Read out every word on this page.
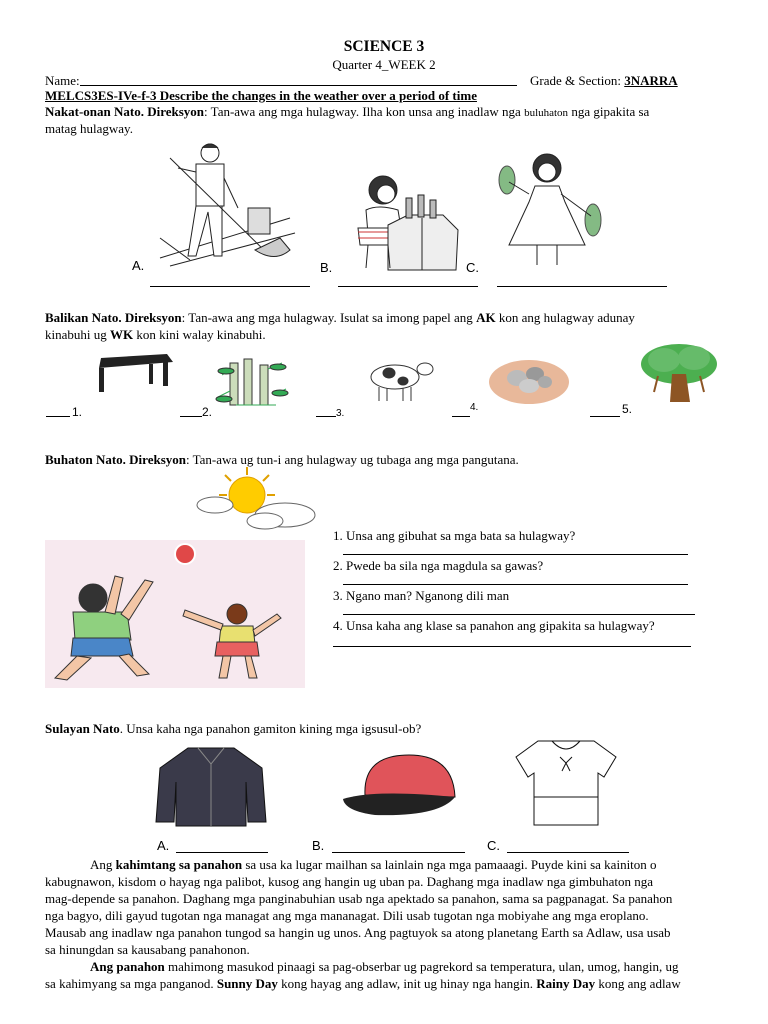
SCIENCE 3
Quarter 4_WEEK 2
Name:	Grade & Section: 3NARRA
MELCS3ES-IVe-f-3 Describe the changes in the weather over a period of time
Nakat-onan Nato. Direksyon: Tan-awa ang mga hulagway. Ilha kon unsa ang inadlaw nga buluhaton nga gipakita sa
matag hulagway.
A.	B.	C.
Balikan Nato. Direksyon: Tan-awa ang mga hulagway. Isulat sa imong papel ang AK kon ang hulagway adunay
kinabuhi ug WK kon kini walay kinabuhi.
1.	2.	3.
4.	5.
Buhaton Nato. Direksyon: Tan-awa ug tun-i ang hulagway ug tubaga ang mga pangutana.
1. Unsa ang gibuhat sa mga bata sa hulagway?
2. Pwede ba sila nga magdula sa gawas?
3. Ngano man? Nganong dili man
4. Unsa kaha ang klase sa panahon ang gipakita sa hulagway?
Sulayan Nato. Unsa kaha nga panahon gamiton kining mga igsusul-ob?
A.	B.	C.
Ang kahimtang sa panahon sa usa ka lugar mailhan sa lainlain nga mga pamaaagi. Puyde kini sa kainiton o
kabugnawon, kisdom o hayag nga palibot, kusog ang hangin ug uban pa. Daghang mga inadlaw nga gimbuhaton nga
mag-depende sa panahon. Daghang mga panginabuhian usab nga apektado sa panahon, sama sa pagpanagat. Sa panahon
nga bagyo, dili gayud tugotan nga managat ang mga mananagat. Dili usab tugotan nga mobiyahe ang mga eroplano.
Mausab ang inadlaw nga panahon tungod sa hangin ug unos. Ang pagtuyok sa atong planetang Earth sa Adlaw, usa usab
sa hinungdan sa kausabang panahonon.
Ang panahon mahimong masukod pinaagi sa pag-obserbar ug pagrekord sa temperatura, ulan, umog, hangin, ug
sa kahimyang sa mga panganod. Sunny Day kong hayag ang adlaw, init ug hinay nga hangin. Rainy Day kong ang adlaw
